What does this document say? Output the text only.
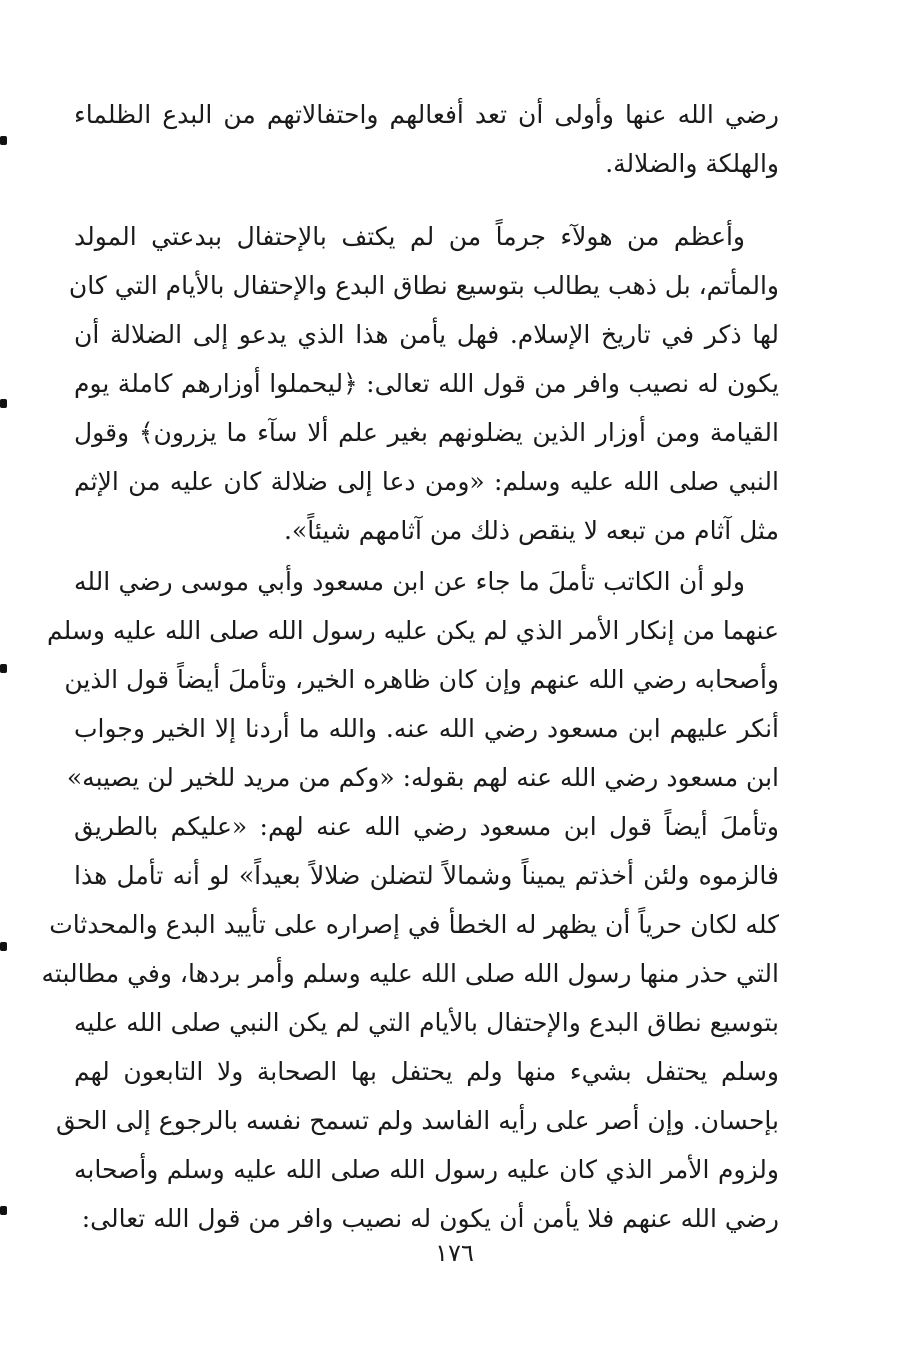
رضي الله عنها وأولى أن تعد أفعالهم واحتفالاتهم من البدع الظلماء
والهلكة والضلالة.
وأعظم من هولآء جرماً من لم يكتف بالإحتفال ببدعتي المولد
والمأتم، بل ذهب يطالب بتوسيع نطاق البدع والإحتفال بالأيام التي كان
لها ذكر في تاريخ الإسلام. فهل يأمن هذا الذي يدعو إلى الضلالة أن
يكون له نصيب وافر من قول الله تعالى: ﴿ليحملوا أوزارهم كاملة يوم
القيامة ومن أوزار الذين يضلونهم بغير علم ألا سآء ما يزرون﴾ وقول
النبي صلى الله عليه وسلم: «ومن دعا إلى ضلالة كان عليه من الإثم
مثل آثام من تبعه لا ينقص ذلك من آثامهم شيئاً».
ولو أن الكاتب تأملَ ما جاء عن ابن مسعود وأبي موسى رضي الله
عنهما من إنكار الأمر الذي لم يكن عليه رسول الله صلى الله عليه وسلم
وأصحابه رضي الله عنهم وإن كان ظاهره الخير، وتأملَ أيضاً قول الذين
أنكر عليهم ابن مسعود رضي الله عنه. والله ما أردنا إلا الخير وجواب
ابن مسعود رضي الله عنه لهم بقوله: «وكم من مريد للخير لن يصيبه»
وتأملَ أيضاً قول ابن مسعود رضي الله عنه لهم: «عليكم بالطريق
فالزموه ولئن أخذتم يميناً وشمالاً لتضلن ضلالاً بعيداً» لو أنه تأمل هذا
كله لكان حرياً أن يظهر له الخطأ في إصراره على تأييد البدع والمحدثات
التي حذر منها رسول الله صلى الله عليه وسلم وأمر بردها، وفي مطالبته
بتوسيع نطاق البدع والإحتفال بالأيام التي لم يكن النبي صلى الله عليه
وسلم يحتفل بشيء منها ولم يحتفل بها الصحابة ولا التابعون لهم
بإحسان. وإن أصر على رأيه الفاسد ولم تسمح نفسه بالرجوع إلى الحق
ولزوم الأمر الذي كان عليه رسول الله صلى الله عليه وسلم وأصحابه
رضي الله عنهم فلا يأمن أن يكون له نصيب وافر من قول الله تعالى:
١٧٦
